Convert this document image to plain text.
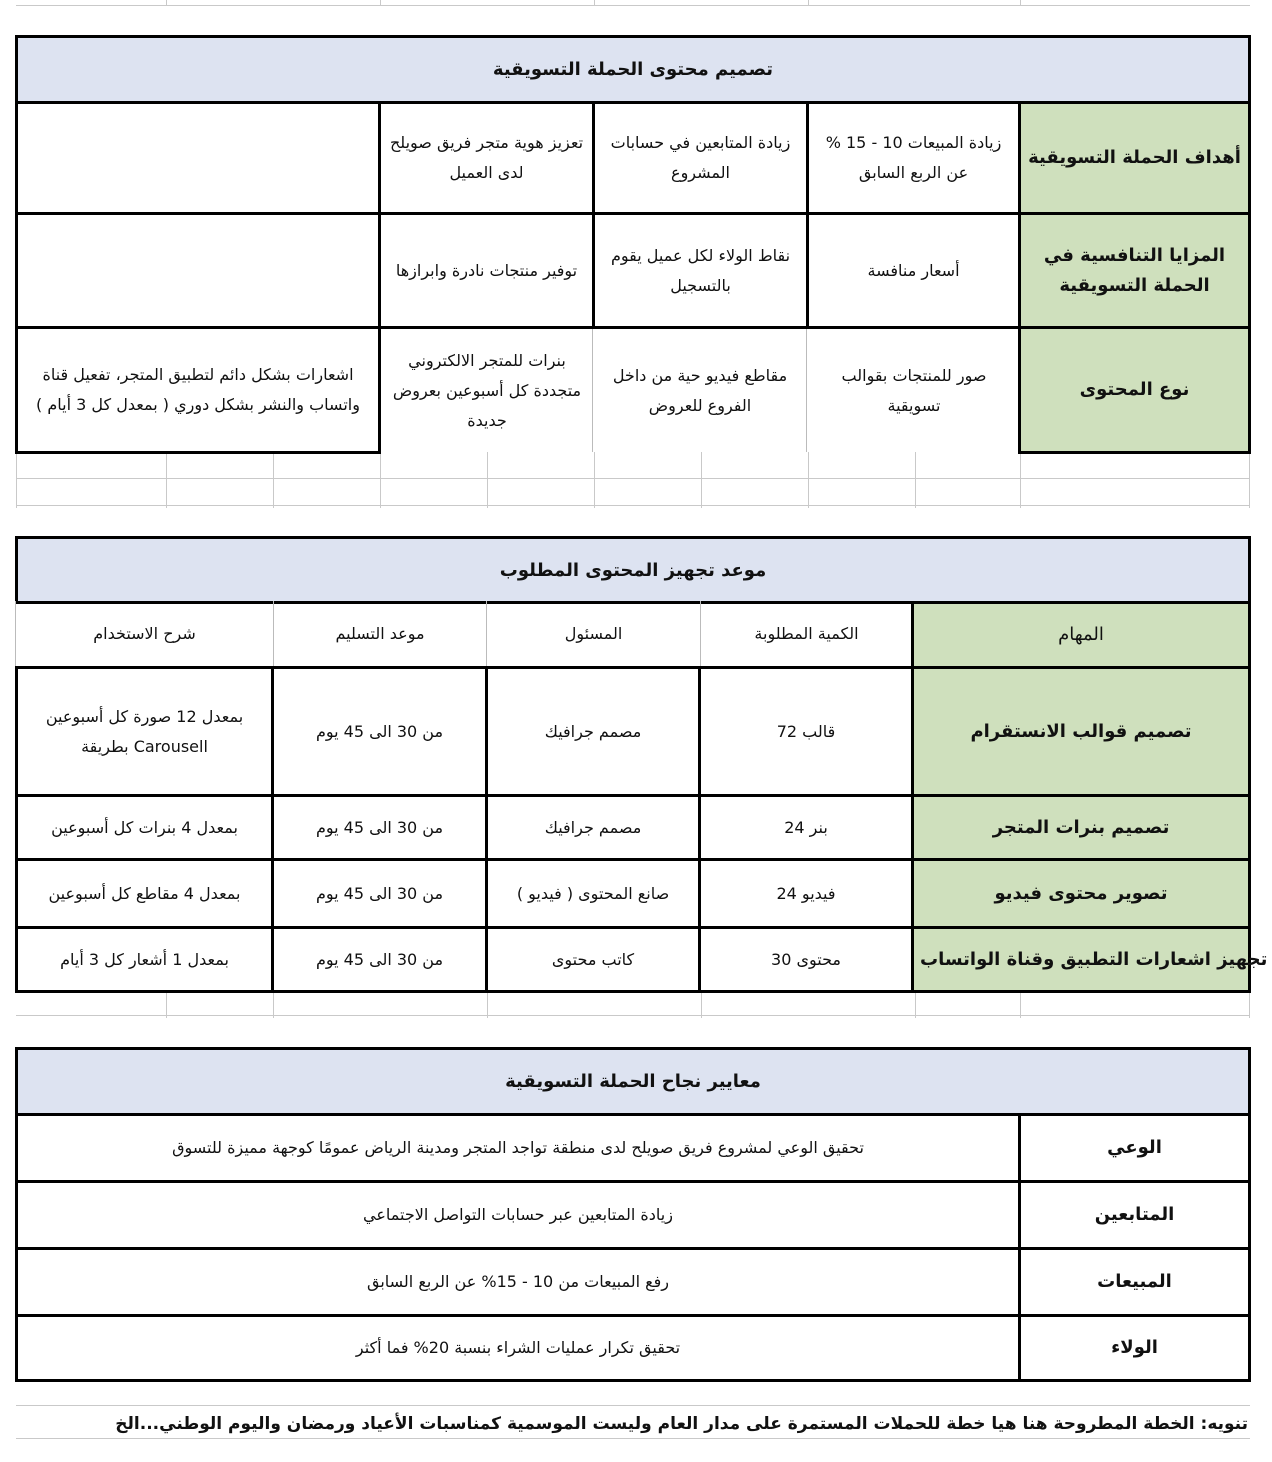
تصميم محتوى الحملة التسويقية
أهداف الحملة التسويقية
زيادة المبيعات 10 - 15 % عن الربع السابق
زيادة المتابعين في حسابات المشروع
تعزيز هوية متجر فريق صويلح لدى العميل
المزايا التنافسية في الحملة التسويقية
أسعار منافسة
نقاط الولاء لكل عميل يقوم بالتسجيل
توفير منتجات نادرة وابرازها
نوع المحتوى
صور للمنتجات بقوالب تسويقية
مقاطع فيديو حية من داخل الفروع للعروض
بنرات للمتجر الالكتروني متجددة كل أسبوعين بعروض جديدة
اشعارات بشكل دائم لتطبيق المتجر، تفعيل قناة واتساب والنشر بشكل دوري ( بمعدل كل 3 أيام )
موعد تجهيز المحتوى المطلوب
المهام
الكمية المطلوبة
المسئول
موعد التسليم
شرح الاستخدام
تصميم قوالب الانستقرام
قالب 72
مصمم جرافيك
من 30 الى 45 يوم
بمعدل 12 صورة كل أسبوعين Carousell بطريقة
تصميم بنرات المتجر
بنر 24
مصمم جرافيك
من 30 الى 45 يوم
بمعدل 4 بنرات كل أسبوعين
تصوير محتوى فيديو
فيديو 24
صانع المحتوى ( فيديو )
من 30 الى 45 يوم
بمعدل 4 مقاطع كل أسبوعين
تجهيز اشعارات التطبيق وقناة الواتساب
محتوى 30
كاتب محتوى
من 30 الى 45 يوم
بمعدل 1 أشعار كل 3 أيام
معايير نجاح الحملة التسويقية
الوعي
تحقيق الوعي لمشروع فريق صويلح لدى منطقة تواجد المتجر ومدينة الرياض عمومًا كوجهة مميزة للتسوق
المتابعين
زيادة المتابعين عبر حسابات التواصل الاجتماعي
المبيعات
رفع المبيعات من 10 - 15% عن الربع السابق
الولاء
تحقيق تكرار عمليات الشراء بنسبة 20% فما أكثر
تنويه: الخطة المطروحة هنا هيا خطة للحملات المستمرة على مدار العام وليست الموسمية كمناسبات الأعياد ورمضان واليوم الوطني...الخ
